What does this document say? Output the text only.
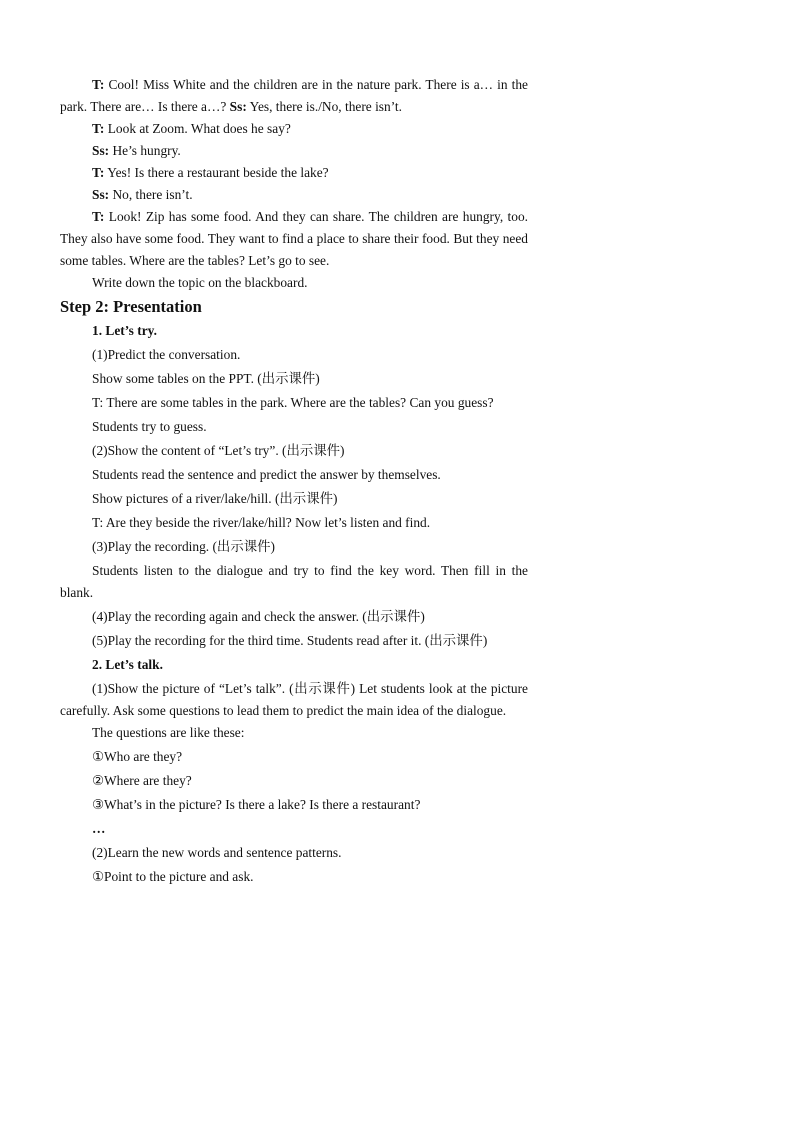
T: Cool! Miss White and the children are in the nature park. There is a… in the park. There are… Is there a…? Ss: Yes, there is./No, there isn’t.

T: Look at Zoom. What does he say?

Ss: He’s hungry.

T: Yes! Is there a restaurant beside the lake?

Ss: No, there isn’t.

T: Look! Zip has some food. And they can share. The children are hungry, too. They also have some food. They want to find a place to share their food. But they need some tables. Where are the tables? Let’s go to see.

Write down the topic on the blackboard.

Step 2: Presentation

1. Let’s try.

(1)Predict the conversation.

Show some tables on the PPT. (出示课件)

T: There are some tables in the park. Where are the tables? Can you guess?

Students try to guess.

(2)Show the content of “Let’s try”. (出示课件)

Students read the sentence and predict the answer by themselves.

Show pictures of a river/lake/hill. (出示课件)

T: Are they beside the river/lake/hill? Now let’s listen and find.

(3)Play the recording. (出示课件)

Students listen to the dialogue and try to find the key word. Then fill in the blank.

(4)Play the recording again and check the answer. (出示课件)

(5)Play the recording for the third time. Students read after it. (出示课件)

2. Let’s talk.

(1)Show the picture of “Let’s talk”. (出示课件) Let students look at the picture carefully. Ask some questions to lead them to predict the main idea of the dialogue.

The questions are like these:

①Who are they?

②Where are they?

③What’s in the picture? Is there a lake? Is there a restaurant?

…

(2)Learn the new words and sentence patterns.

①Point to the picture and ask.
